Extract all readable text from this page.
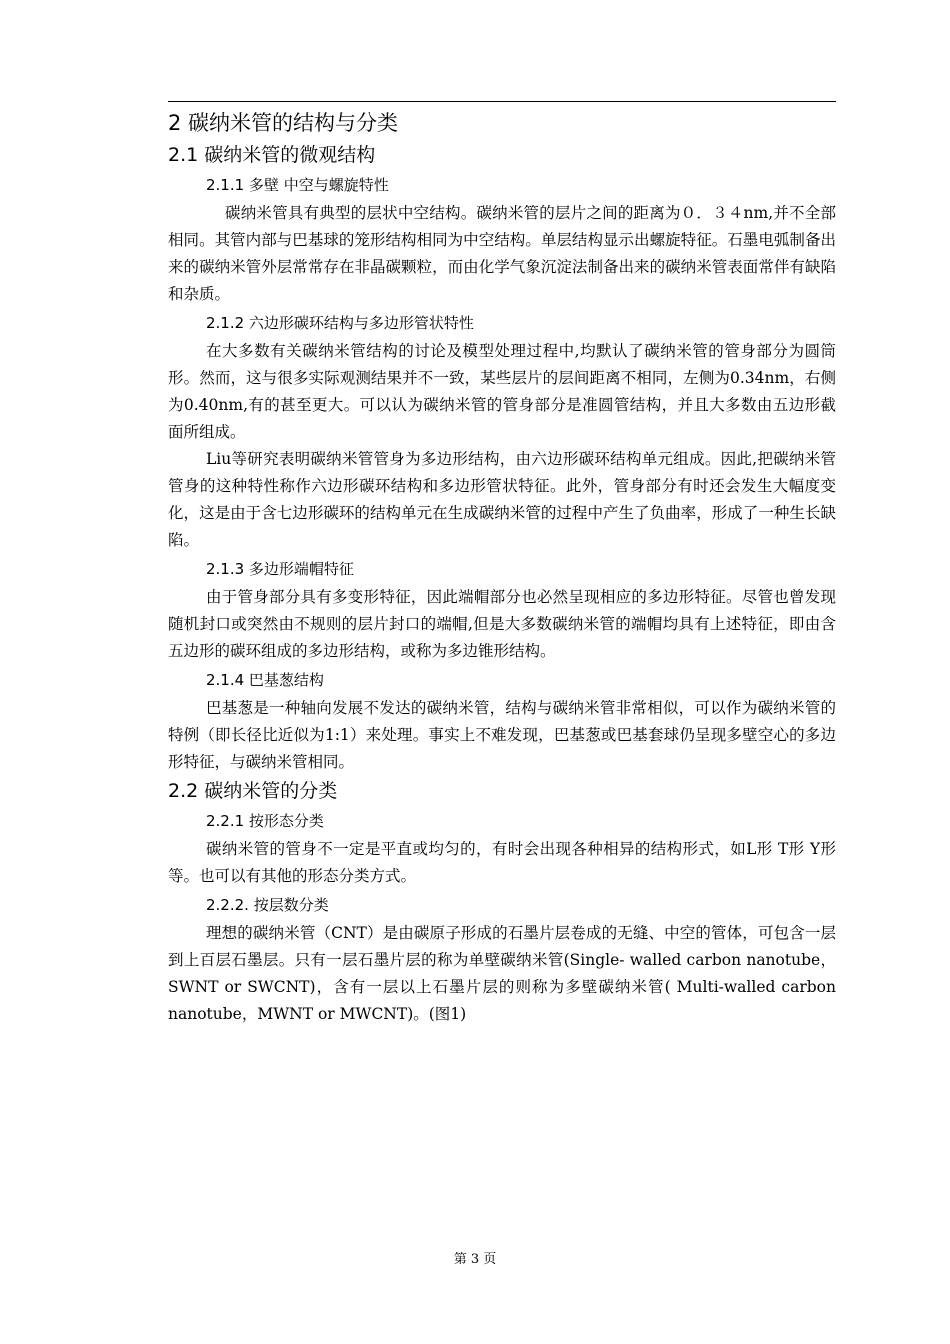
2 碳纳米管的结构与分类
2.1 碳纳米管的微观结构
2.1.1 多壁 中空与螺旋特性

碳纳米管具有典型的层状中空结构。碳纳米管的层片之间的距离为０．３４nm,并不全部相同。其管内部与巴基球的笼形结构相同为中空结构。单层结构显示出螺旋特征。石墨电弧制备出来的碳纳米管外层常常存在非晶碳颗粒，而由化学气象沉淀法制备出来的碳纳米管表面常伴有缺陷和杂质。

2.1.2 六边形碳环结构与多边形管状特性

在大多数有关碳纳米管结构的讨论及模型处理过程中,均默认了碳纳米管的管身部分为圆筒形。然而，这与很多实际观测结果并不一致，某些层片的层间距离不相同，左侧为0.34nm，右侧为0.40nm,有的甚至更大。可以认为碳纳米管的管身部分是准圆管结构，并且大多数由五边形截面所组成。

Liu等研究表明碳纳米管管身为多边形结构，由六边形碳环结构单元组成。因此,把碳纳米管管身的这种特性称作六边形碳环结构和多边形管状特征。此外，管身部分有时还会发生大幅度变化，这是由于含七边形碳环的结构单元在生成碳纳米管的过程中产生了负曲率，形成了一种生长缺陷。

2.1.3 多边形端帽特征

由于管身部分具有多变形特征，因此端帽部分也必然呈现相应的多边形特征。尽管也曾发现随机封口或突然由不规则的层片封口的端帽,但是大多数碳纳米管的端帽均具有上述特征，即由含五边形的碳环组成的多边形结构，或称为多边锥形结构。

2.1.4 巴基葱结构

巴基葱是一种轴向发展不发达的碳纳米管，结构与碳纳米管非常相似，可以作为碳纳米管的特例（即长径比近似为1:1）来处理。事实上不难发现，巴基葱或巴基套球仍呈现多壁空心的多边形特征，与碳纳米管相同。

2.2 碳纳米管的分类
2.2.1 按形态分类

碳纳米管的管身不一定是平直或均匀的，有时会出现各种相异的结构形式，如L形 T形 Y形等。也可以有其他的形态分类方式。

2.2.2. 按层数分类

理想的碳纳米管（CNT）是由碳原子形成的石墨片层卷成的无缝、中空的管体，可包含一层到上百层石墨层。只有一层石墨片层的称为单壁碳纳米管(Single- walled carbon nanotube，SWNT or SWCNT)，含有一层以上石墨片层的则称为多壁碳纳米管( Multi-walled carbon nanotube，MWNT or MWCNT)。(图1)

第 3 页
